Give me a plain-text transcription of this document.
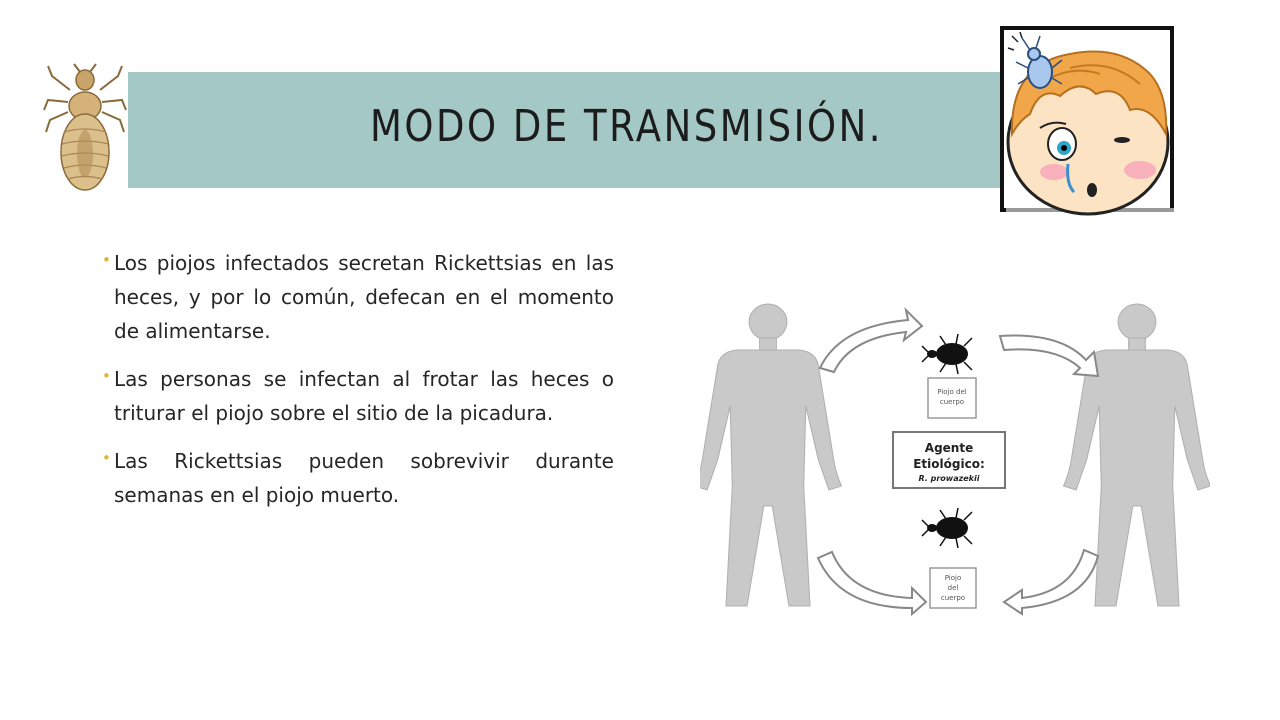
MODO DE TRANSMISIÓN.
• Los piojos infectados secretan Rickettsias en las heces, y por lo común, defecan en el momento de alimentarse.
• Las personas se infectan al frotar las heces o triturar el piojo sobre el sitio de la picadura.
• Las Rickettsias pueden sobrevivir durante semanas en el piojo muerto.
Piojo del
cuerpo
Agente
Etiológico:
R. prowazekii
Piojo
del
cuerpo
